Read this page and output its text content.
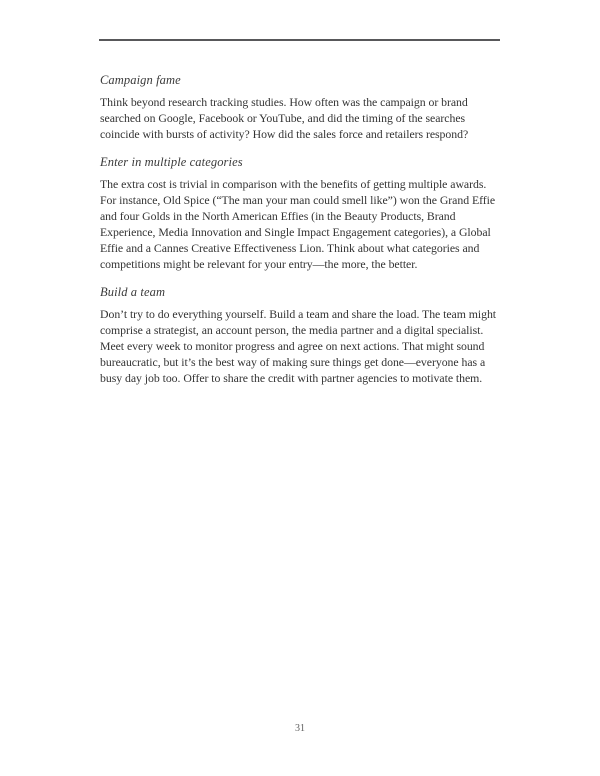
Campaign fame

Think beyond research tracking studies. How often was the campaign or brand searched on Google, Facebook or YouTube, and did the timing of the searches coincide with bursts of activity? How did the sales force and retailers respond?

Enter in multiple categories

The extra cost is trivial in comparison with the benefits of getting multiple awards. For instance, Old Spice (“The man your man could smell like”) won the Grand Effie and four Golds in the North American Effies (in the Beauty Products, Brand Experience, Media Innovation and Single Impact Engagement categories), a Global Effie and a Cannes Creative Effectiveness Lion. Think about what categories and competitions might be relevant for your entry—the more, the better.

Build a team

Don’t try to do everything yourself. Build a team and share the load. The team might comprise a strategist, an account person, the media partner and a digital specialist. Meet every week to monitor progress and agree on next actions. That might sound bureaucratic, but it’s the best way of making sure things get done—everyone has a busy day job too. Offer to share the credit with partner agencies to motivate them.

31
